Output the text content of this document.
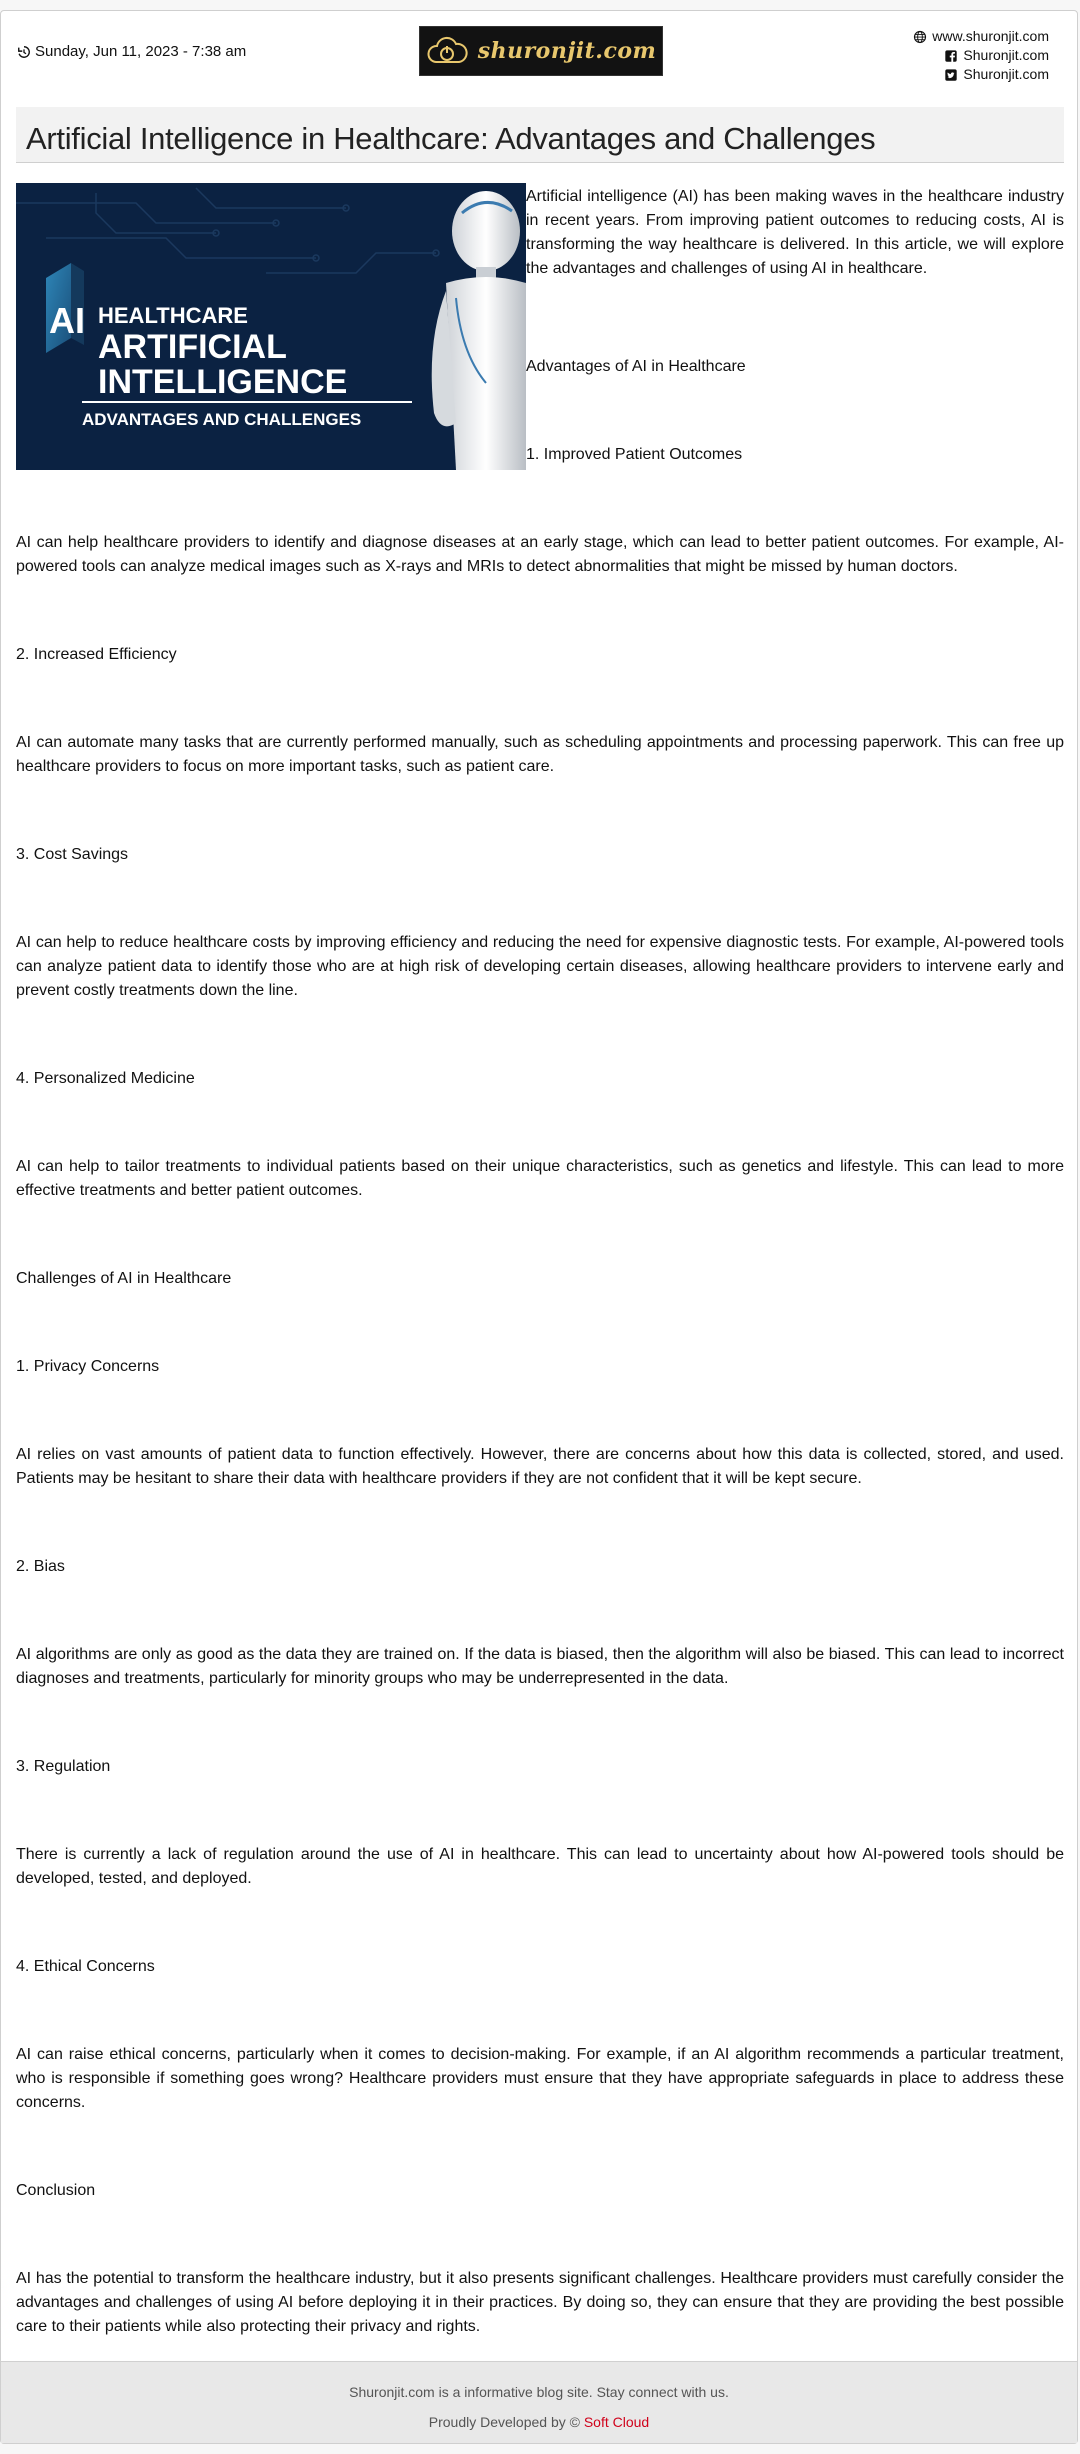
Sunday, Jun 11, 2023 - 7:38 am	shuronjit.com
www.shuronjit.com
Shuronjit.com
Shuronjit.com
Artificial Intelligence in Healthcare: Advantages and Challenges
AI HEALTHCARE
ARTIFICIAL
INTELLIGENCE
ADVANTAGES AND CHALLENGES

Artificial intelligence (AI) has been making waves in the healthcare industry in recent years. From improving patient outcomes to reducing costs, AI is transforming the way healthcare is delivered. In this article, we will explore the advantages and challenges of using AI in healthcare.

Advantages of AI in Healthcare

1. Improved Patient Outcomes

AI can help healthcare providers to identify and diagnose diseases at an early stage, which can lead to better patient outcomes. For example, AI-powered tools can analyze medical images such as X-rays and MRIs to detect abnormalities that might be missed by human doctors.

2. Increased Efficiency

AI can automate many tasks that are currently performed manually, such as scheduling appointments and processing paperwork. This can free up healthcare providers to focus on more important tasks, such as patient care.

3. Cost Savings

AI can help to reduce healthcare costs by improving efficiency and reducing the need for expensive diagnostic tests. For example, AI-powered tools can analyze patient data to identify those who are at high risk of developing certain diseases, allowing healthcare providers to intervene early and prevent costly treatments down the line.

4. Personalized Medicine

AI can help to tailor treatments to individual patients based on their unique characteristics, such as genetics and lifestyle. This can lead to more effective treatments and better patient outcomes.

Challenges of AI in Healthcare

1. Privacy Concerns

AI relies on vast amounts of patient data to function effectively. However, there are concerns about how this data is collected, stored, and used. Patients may be hesitant to share their data with healthcare providers if they are not confident that it will be kept secure.

2. Bias

AI algorithms are only as good as the data they are trained on. If the data is biased, then the algorithm will also be biased. This can lead to incorrect diagnoses and treatments, particularly for minority groups who may be underrepresented in the data.

3. Regulation

There is currently a lack of regulation around the use of AI in healthcare. This can lead to uncertainty about how AI-powered tools should be developed, tested, and deployed.

4. Ethical Concerns

AI can raise ethical concerns, particularly when it comes to decision-making. For example, if an AI algorithm recommends a particular treatment, who is responsible if something goes wrong? Healthcare providers must ensure that they have appropriate safeguards in place to address these concerns.

Conclusion

AI has the potential to transform the healthcare industry, but it also presents significant challenges. Healthcare providers must carefully consider the advantages and challenges of using AI before deploying it in their practices. By doing so, they can ensure that they are providing the best possible care to their patients while also protecting their privacy and rights.

Shuronjit.com is a informative blog site. Stay connect with us.
Proudly Developed by © Soft Cloud
